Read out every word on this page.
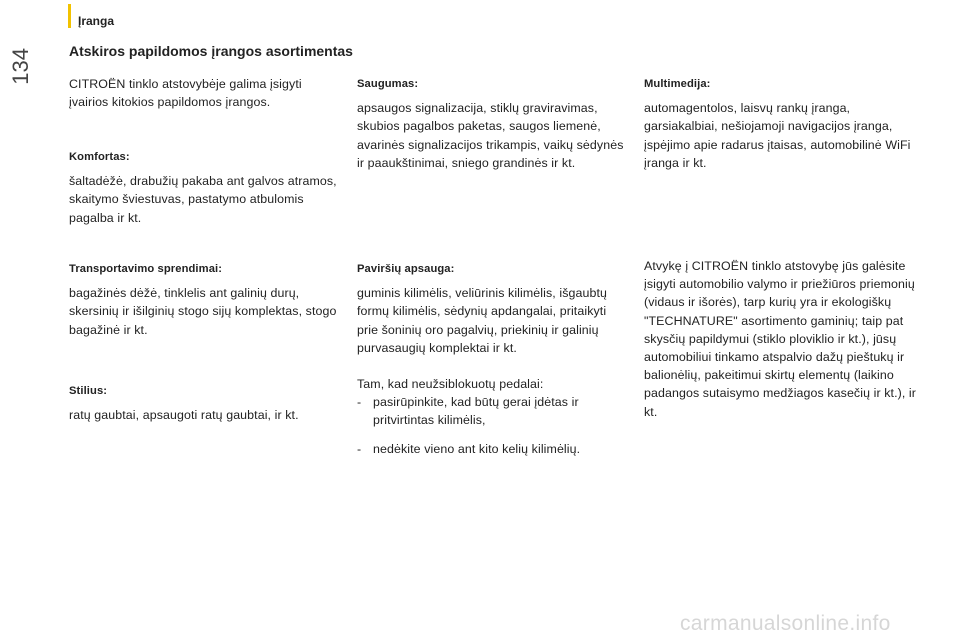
Įranga
134	Atskiros papildomos įrangos asortimentas

CITROËN tinklo atstovybėje galima įsigyti įvairios kitokios papildomos įrangos.

Komfortas:

šaltadėžė, drabužių pakaba ant galvos atramos, skaitymo šviestuvas, pastatymo atbulomis pagalba ir kt.

Transportavimo sprendimai:

bagažinės dėžė, tinklelis ant galinių durų, skersinių ir išilginių stogo sijų komplektas, stogo bagažinė ir kt.

Stilius:

ratų gaubtai, apsaugoti ratų gaubtai, ir kt.

Saugumas:

apsaugos signalizacija, stiklų graviravimas, skubios pagalbos paketas, saugos liemenė, avarinės signalizacijos trikampis, vaikų sėdynės ir paaukštinimai, sniego grandinės ir kt.

Paviršių apsauga:

guminis kilimėlis, veliūrinis kilimėlis, išgaubtų formų kilimėlis, sėdynių apdangalai, pritaikyti prie šoninių oro pagalvių, priekinių ir galinių purvasaugių komplektai ir kt.

Tam, kad neužsiblokuotų pedalai:

- pasirūpinkite, kad būtų gerai įdėtas ir pritvirtintas kilimėlis,
- nedėkite vieno ant kito kelių kilimėlių.

Multimedija:

automagentolos, laisvų rankų įranga, garsiakalbiai, nešiojamoji navigacijos įranga, įspėjimo apie radarus įtaisas, automobilinė WiFi įranga ir kt.

Atvykę į CITROËN tinklo atstovybę jūs galėsite įsigyti automobilio valymo ir priežiūros priemonių (vidaus ir išorės), tarp kurių yra ir ekologiškų "TECHNATURE" asortimento gaminių; taip pat skysčių papildymui (stiklo ploviklio ir kt.), jūsų automobiliui tinkamo atspalvio dažų pieštukų ir balionėlių, pakeitimui skirtų elementų (laikino padangos sutaisymo medžiagos kasečių ir kt.), ir kt.

carmanualsonline.info
